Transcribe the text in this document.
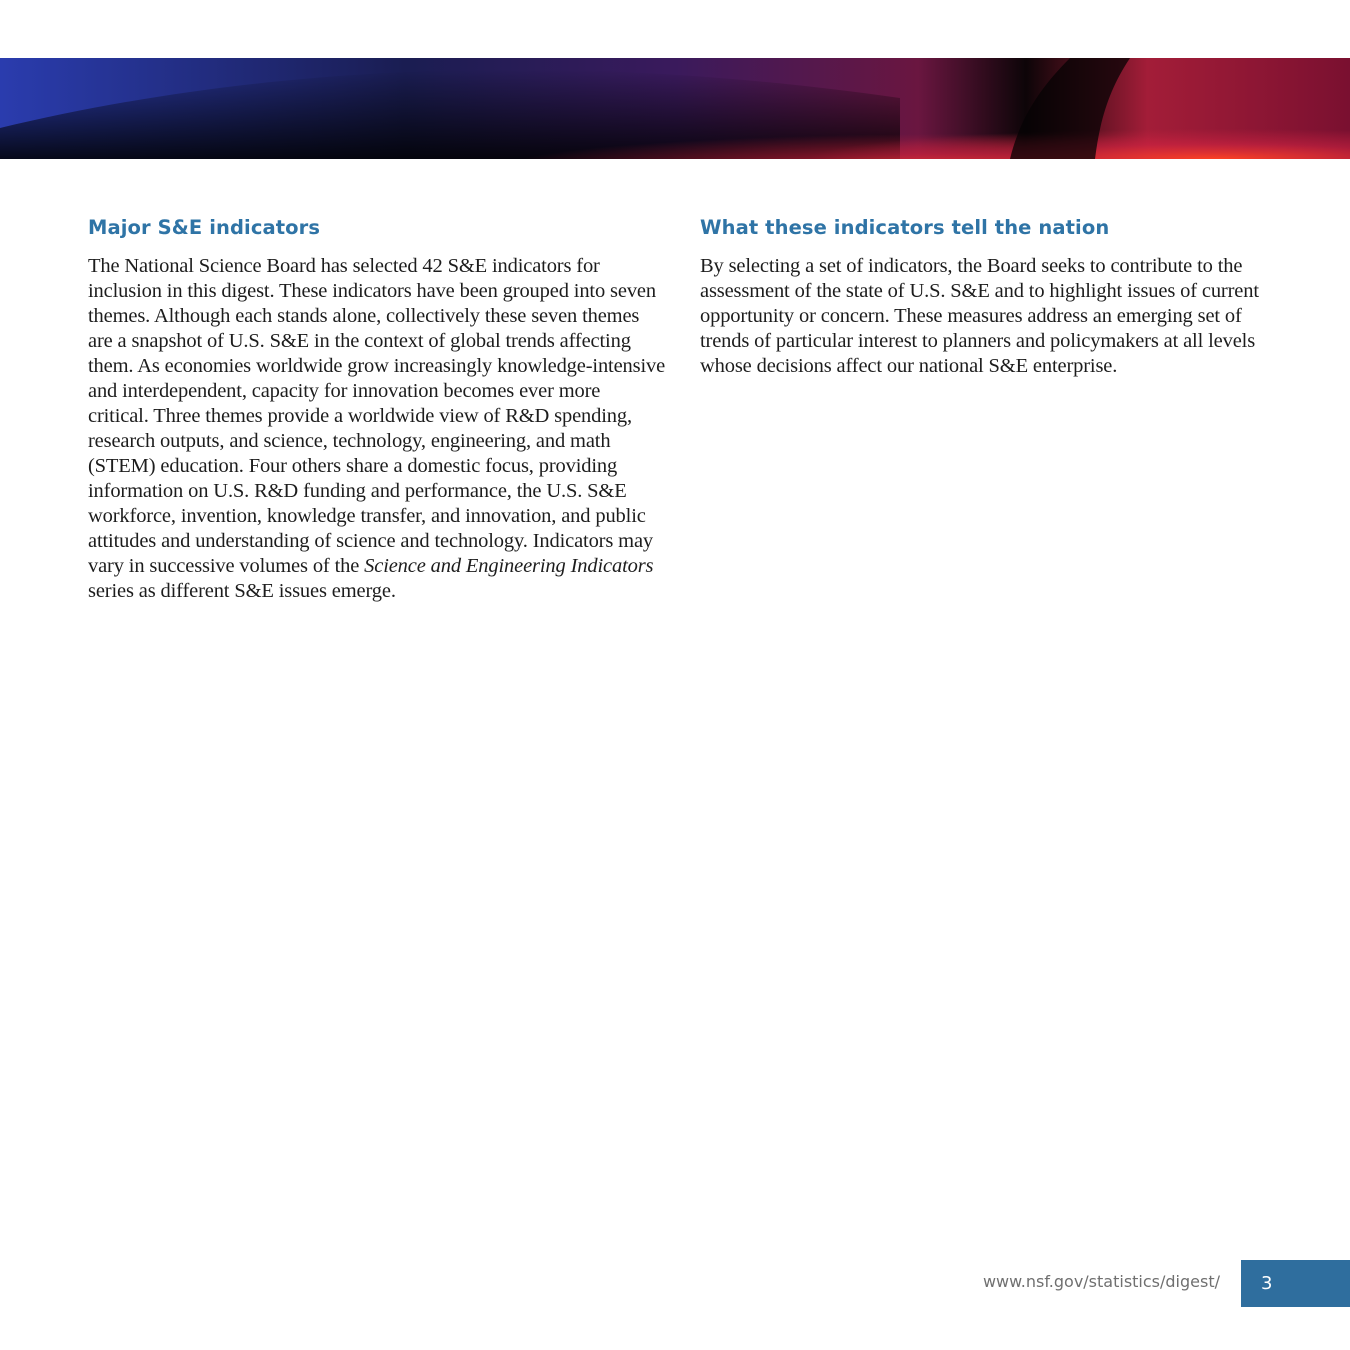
Major S&E indicators

The National Science Board has selected 42 S&E indicators for
inclusion in this digest. These indicators have been grouped into seven
themes. Although each stands alone, collectively these seven themes
are a snapshot of U.S. S&E in the context of global trends affecting
them. As economies worldwide grow increasingly knowledge-intensive
and interdependent, capacity for innovation becomes ever more
critical. Three themes provide a worldwide view of R&D spending,
research outputs, and science, technology, engineering, and math
(STEM) education. Four others share a domestic focus, providing
information on U.S. R&D funding and performance, the U.S. S&E
workforce, invention, knowledge transfer, and innovation, and public
attitudes and understanding of science and technology. Indicators may
vary in successive volumes of the Science and Engineering Indicators
series as different S&E issues emerge.

What these indicators tell the nation

By selecting a set of indicators, the Board seeks to contribute to the
assessment of the state of U.S. S&E and to highlight issues of current
opportunity or concern. These measures address an emerging set of
trends of particular interest to planners and policymakers at all levels
whose decisions affect our national S&E enterprise.

www.nsf.gov/statistics/digest/	3
